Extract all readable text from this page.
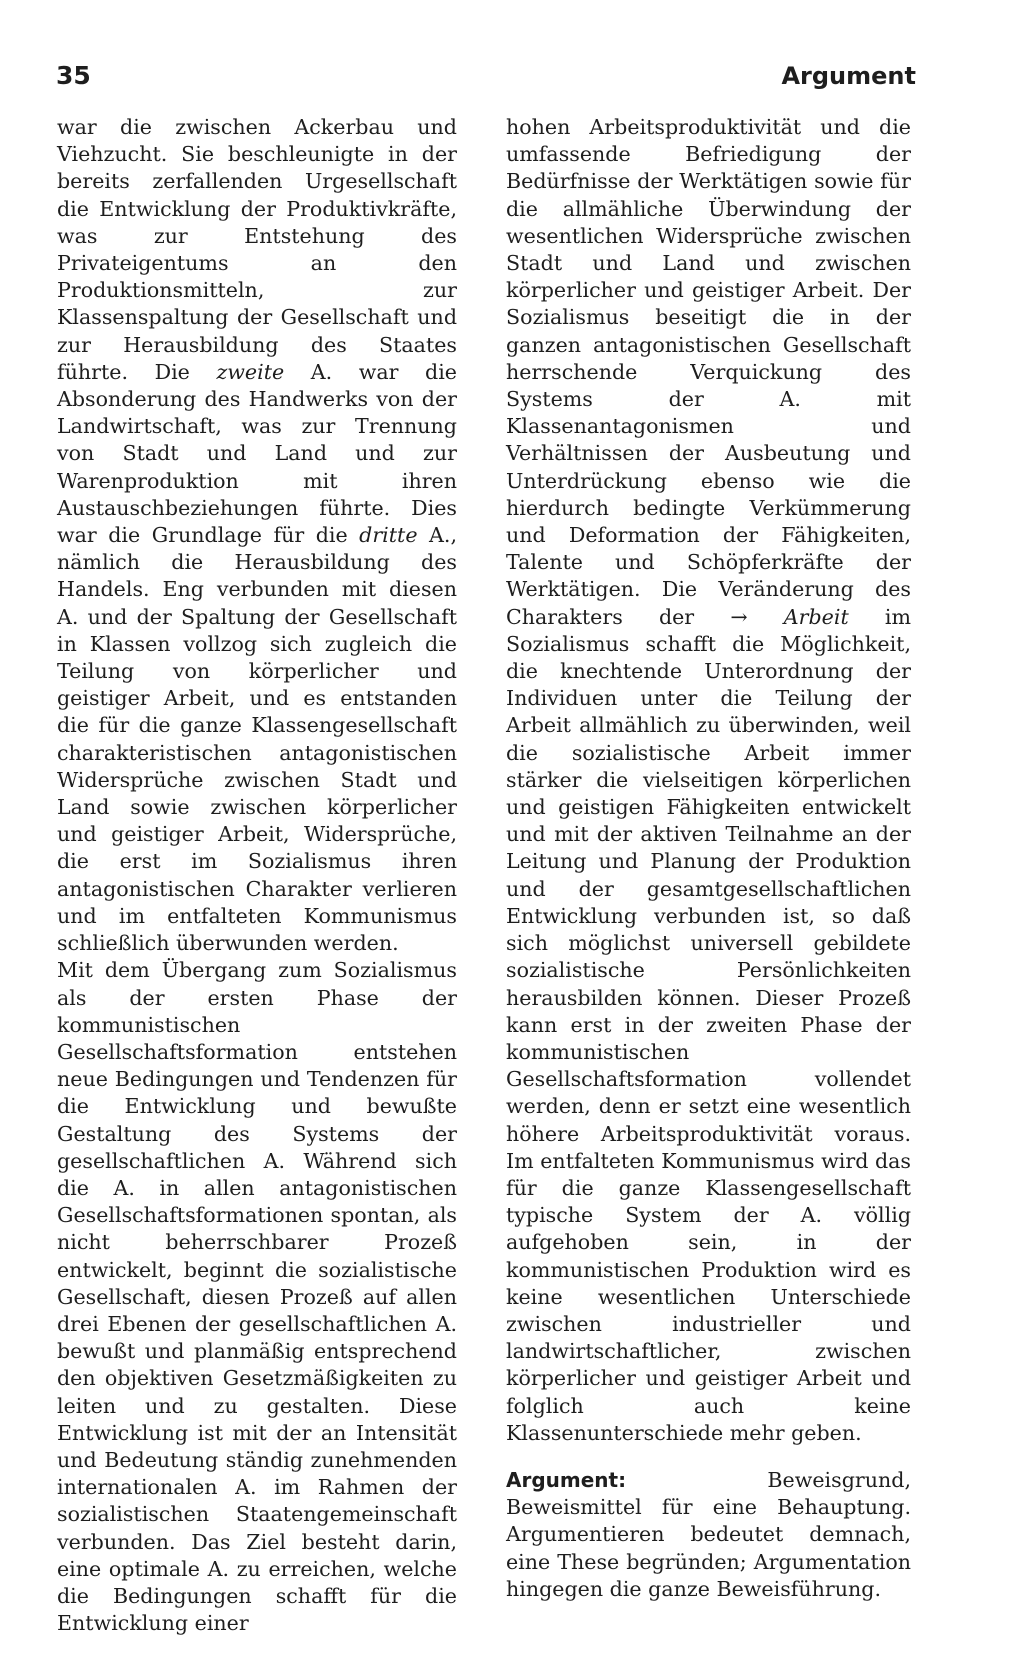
35	Argument

war die zwischen Ackerbau und Viehzucht. Sie beschleunigte in der bereits zerfallenden Urgesellschaft die Entwicklung der Produktivkräfte, was zur Entstehung des Privateigentums an den Produktionsmitteln, zur Klassenspaltung der Gesellschaft und zur Herausbildung des Staates führte. Die zweite A. war die Absonderung des Handwerks von der Landwirtschaft, was zur Trennung von Stadt und Land und zur Warenproduktion mit ihren Austauschbeziehungen führte. Dies war die Grundlage für die dritte A., nämlich die Herausbildung des Handels. Eng verbunden mit diesen A. und der Spaltung der Gesellschaft in Klassen vollzog sich zugleich die Teilung von körperlicher und geistiger Arbeit, und es entstanden die für die ganze Klassengesellschaft charakteristischen antagonistischen Widersprüche zwischen Stadt und Land sowie zwischen körperlicher und geistiger Arbeit, Widersprüche, die erst im Sozialismus ihren antagonistischen Charakter verlieren und im entfalteten Kommunismus schließlich überwunden werden.

Mit dem Übergang zum Sozialismus als der ersten Phase der kommunistischen Gesellschaftsformation entstehen neue Bedingungen und Tendenzen für die Entwicklung und bewußte Gestaltung des Systems der gesellschaftlichen A. Während sich die A. in allen antagonistischen Gesellschaftsformationen spontan, als nicht beherrschbarer Prozeß entwickelt, beginnt die sozialistische Gesellschaft, diesen Prozeß auf allen drei Ebenen der gesellschaftlichen A. bewußt und planmäßig entsprechend den objektiven Gesetzmäßigkeiten zu leiten und zu gestalten. Diese Entwicklung ist mit der an Intensität und Bedeutung ständig zunehmenden internationalen A. im Rahmen der sozialistischen Staatengemeinschaft verbunden. Das Ziel besteht darin, eine optimale A. zu erreichen, welche die Bedingungen schafft für die Entwicklung einer

hohen Arbeitsproduktivität und die umfassende Befriedigung der Bedürfnisse der Werktätigen sowie für die allmähliche Überwindung der wesentlichen Widersprüche zwischen Stadt und Land und zwischen körperlicher und geistiger Arbeit. Der Sozialismus beseitigt die in der ganzen antagonistischen Gesellschaft herrschende Verquickung des Systems der A. mit Klassenantagonismen und Verhältnissen der Ausbeutung und Unterdrückung ebenso wie die hierdurch bedingte Verkümmerung und Deformation der Fähigkeiten, Talente und Schöpferkräfte der Werktätigen. Die Veränderung des Charakters der → Arbeit im Sozialismus schafft die Möglichkeit, die knechtende Unterordnung der Individuen unter die Teilung der Arbeit allmählich zu überwinden, weil die sozialistische Arbeit immer stärker die vielseitigen körperlichen und geistigen Fähigkeiten entwickelt und mit der aktiven Teilnahme an der Leitung und Planung der Produktion und der gesamtgesellschaftlichen Entwicklung verbunden ist, so daß sich möglichst universell gebildete sozialistische Persönlichkeiten herausbilden können. Dieser Prozeß kann erst in der zweiten Phase der kommunistischen Gesellschaftsformation vollendet werden, denn er setzt eine wesentlich höhere Arbeitsproduktivität voraus. Im entfalteten Kommunismus wird das für die ganze Klassengesellschaft typische System der A. völlig aufgehoben sein, in der kommunistischen Produktion wird es keine wesentlichen Unterschiede zwischen industrieller und landwirtschaftlicher, zwischen körperlicher und geistiger Arbeit und folglich auch keine Klassenunterschiede mehr geben.

Argument: Beweisgrund, Beweismittel für eine Behauptung. Argumentieren bedeutet demnach, eine These begründen; Argumentation hingegen die ganze Beweisführung.
